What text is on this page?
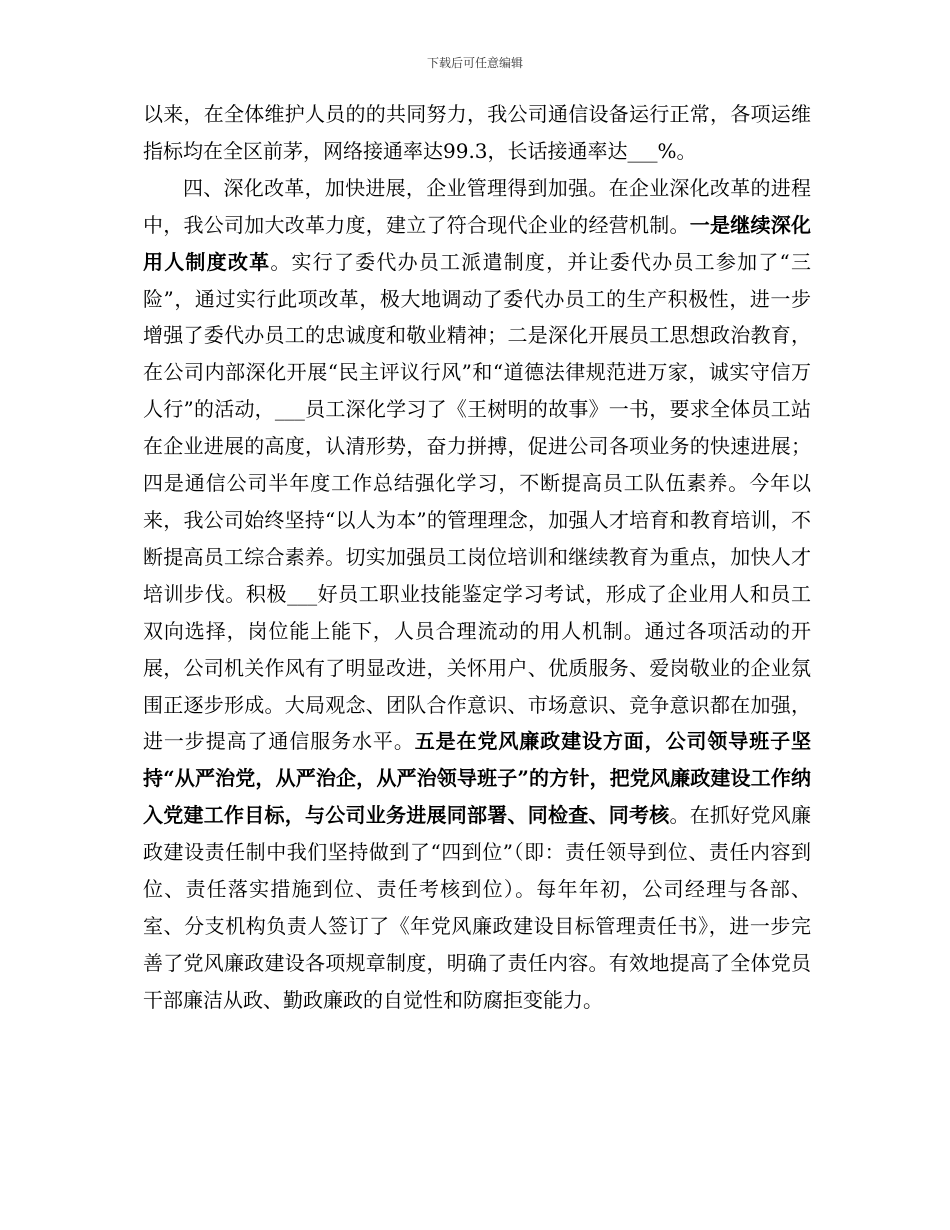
下载后可任意编辑

以来，在全体维护人员的的共同努力，我公司通信设备运行正常，各项运维指标均在全区前茅，网络接通率达99.3，长话接通率达___%。

四、深化改革，加快进展，企业管理得到加强。在企业深化改革的进程中，我公司加大改革力度，建立了符合现代企业的经营机制。一是继续深化用人制度改革。实行了委代办员工派遣制度，并让委代办员工参加了“三险”，通过实行此项改革，极大地调动了委代办员工的生产积极性，进一步增强了委代办员工的忠诚度和敬业精神；二是深化开展员工思想政治教育，在公司内部深化开展“民主评议行风”和“道德法律规范进万家，诚实守信万人行”的活动，___员工深化学习了《王树明的故事》一书，要求全体员工站在企业进展的高度，认清形势，奋力拼搏，促进公司各项业务的快速进展；四是通信公司半年度工作总结强化学习，不断提高员工队伍素养。今年以来，我公司始终坚持“以人为本”的管理理念，加强人才培育和教育培训，不断提高员工综合素养。切实加强员工岗位培训和继续教育为重点，加快人才培训步伐。积极___好员工职业技能鉴定学习考试，形成了企业用人和员工双向选择，岗位能上能下，人员合理流动的用人机制。通过各项活动的开展，公司机关作风有了明显改进，关怀用户、优质服务、爱岗敬业的企业氛围正逐步形成。大局观念、团队合作意识、市场意识、竞争意识都在加强，进一步提高了通信服务水平。五是在党风廉政建设方面，公司领导班子坚持“从严治党，从严治企，从严治领导班子”的方针，把党风廉政建设工作纳入党建工作目标，与公司业务进展同部署、同检查、同考核。在抓好党风廉政建设责任制中我们坚持做到了“四到位”（即：责任领导到位、责任内容到位、责任落实措施到位、责任考核到位）。每年年初，公司经理与各部、室、分支机构负责人签订了《年党风廉政建设目标管理责任书》，进一步完善了党风廉政建设各项规章制度，明确了责任内容。有效地提高了全体党员干部廉洁从政、勤政廉政的自觉性和防腐拒变能力。
